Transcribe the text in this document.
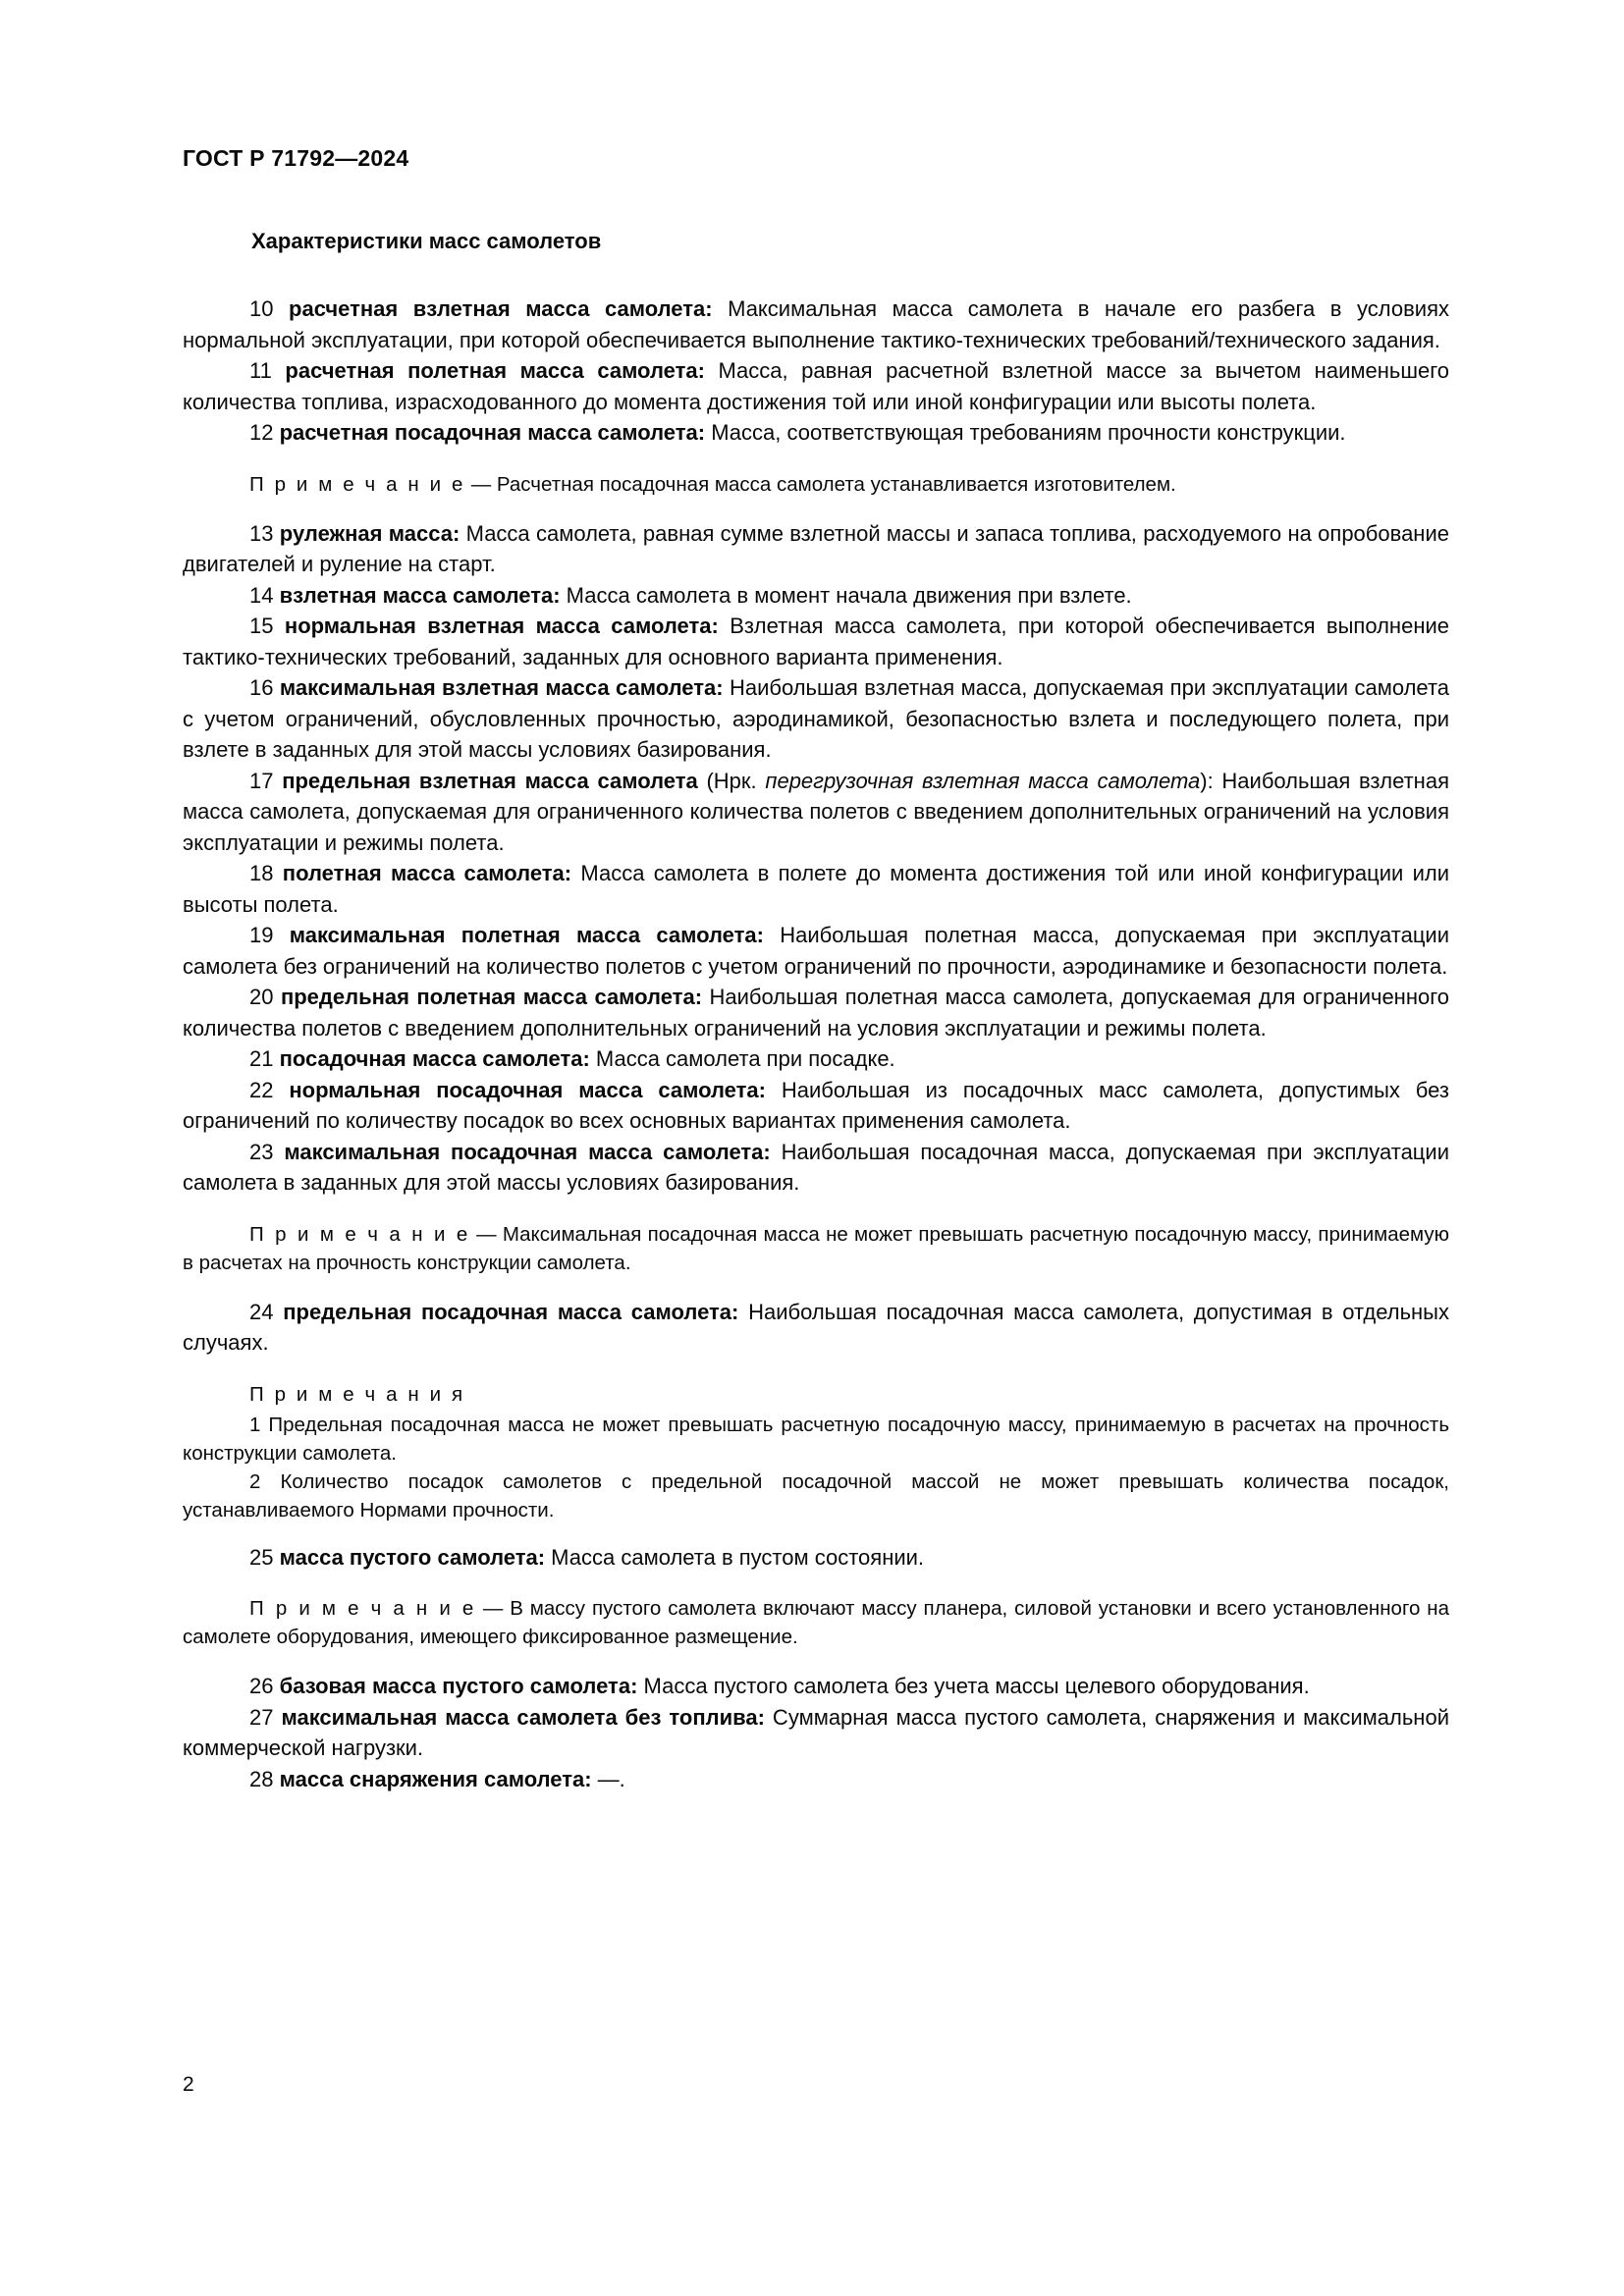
ГОСТ Р 71792—2024
Характеристики масс самолетов

10 расчетная взлетная масса самолета: Максимальная масса самолета в начале его разбега в условиях нормальной эксплуатации, при которой обеспечивается выполнение тактико-технических требований/технического задания.

11 расчетная полетная масса самолета: Масса, равная расчетной взлетной массе за вычетом наименьшего количества топлива, израсходованного до момента достижения той или иной конфигурации или высоты полета.

12 расчетная посадочная масса самолета: Масса, соответствующая требованиям прочности конструкции.

П р и м е ч а н и е — Расчетная посадочная масса самолета устанавливается изготовителем.

13 рулежная масса: Масса самолета, равная сумме взлетной массы и запаса топлива, расходуемого на опробование двигателей и руление на старт.

14 взлетная масса самолета: Масса самолета в момент начала движения при взлете.

15 нормальная взлетная масса самолета: Взлетная масса самолета, при которой обеспечивается выполнение тактико-технических требований, заданных для основного варианта применения.

16 максимальная взлетная масса самолета: Наибольшая взлетная масса, допускаемая при эксплуатации самолета с учетом ограничений, обусловленных прочностью, аэродинамикой, безопасностью взлета и последующего полета, при взлете в заданных для этой массы условиях базирования.

17 предельная взлетная масса самолета (Нрк. перегрузочная взлетная масса самолета): Наибольшая взлетная масса самолета, допускаемая для ограниченного количества полетов с введением дополнительных ограничений на условия эксплуатации и режимы полета.

18 полетная масса самолета: Масса самолета в полете до момента достижения той или иной конфигурации или высоты полета.

19 максимальная полетная масса самолета: Наибольшая полетная масса, допускаемая при эксплуатации самолета без ограничений на количество полетов с учетом ограничений по прочности, аэродинамике и безопасности полета.

20 предельная полетная масса самолета: Наибольшая полетная масса самолета, допускаемая для ограниченного количества полетов с введением дополнительных ограничений на условия эксплуатации и режимы полета.

21 посадочная масса самолета: Масса самолета при посадке.

22 нормальная посадочная масса самолета: Наибольшая из посадочных масс самолета, допустимых без ограничений по количеству посадок во всех основных вариантах применения самолета.

23 максимальная посадочная масса самолета: Наибольшая посадочная масса, допускаемая при эксплуатации самолета в заданных для этой массы условиях базирования.

П р и м е ч а н и е — Максимальная посадочная масса не может превышать расчетную посадочную массу, принимаемую в расчетах на прочность конструкции самолета.

24 предельная посадочная масса самолета: Наибольшая посадочная масса самолета, допустимая в отдельных случаях.

П р и м е ч а н и я

1 Предельная посадочная масса не может превышать расчетную посадочную массу, принимаемую в расчетах на прочность конструкции самолета.

2 Количество посадок самолетов с предельной посадочной массой не может превышать количества посадок, устанавливаемого Нормами прочности.

25 масса пустого самолета: Масса самолета в пустом состоянии.

П р и м е ч а н и е — В массу пустого самолета включают массу планера, силовой установки и всего установленного на самолете оборудования, имеющего фиксированное размещение.

26 базовая масса пустого самолета: Масса пустого самолета без учета массы целевого оборудования.

27 максимальная масса самолета без топлива: Суммарная масса пустого самолета, снаряжения и максимальной коммерческой нагрузки.

28 масса снаряжения самолета: —.

2
